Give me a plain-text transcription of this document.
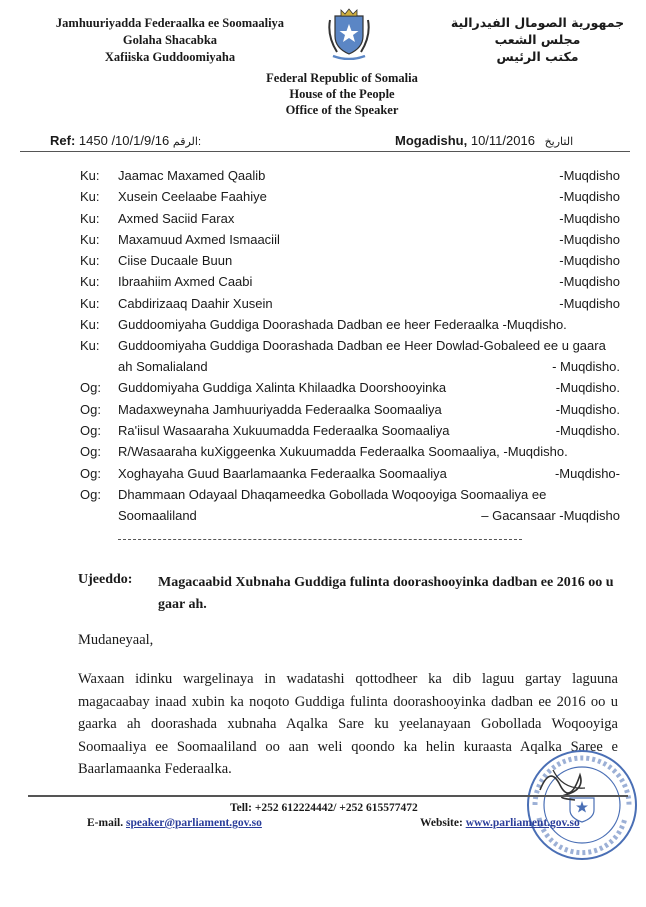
Jamhuuriyadda Federaalka ee Soomaaliya
Golaha Shacabka
Xafiiska Guddoomiyaha
جمهورية الصومال الفيدرالية
مجلس الشعب
مكتب الرئيس
Federal Republic of Somalia
House of the People
Office of the Speaker
Ref: 1450 /10/1/9/16 الرقم:	Mogadishu, 10/11/2016 التاريخ
Ku: Jaamac Maxamed Qaalib	-Muqdisho
Ku: Xusein Ceelaabe Faahiye	-Muqdisho
Ku: Axmed Saciid Farax	-Muqdisho
Ku: Maxamuud Axmed Ismaaciil	-Muqdisho
Ku: Ciise Ducaale Buun	-Muqdisho
Ku: Ibraahiim Axmed Caabi	-Muqdisho
Ku: Cabdirizaaq Daahir Xusein	-Muqdisho
Ku: Guddoomiyaha Guddiga Doorashada Dadban ee heer Federaalka -Muqdisho.
Ku: Guddoomiyaha Guddiga Doorashada Dadban ee Heer Dowlad-Gobaleed ee u gaara ah Somalialand	- Muqdisho.
Og: Guddomiyaha Guddiga Xalinta Khilaadka Doorshooyinka	-Muqdisho.
Og: Madaxweynaha Jamhuuriyadda Federaalka Soomaaliya	-Muqdisho.
Og: Ra'iisul Wasaaraha Xukuumadda Federaalka Soomaaliya	-Muqdisho.
Og: R/Wasaaraha kuXiggeenka Xukuumadda Federaalka Soomaaliya, -Muqdisho.
Og: Xoghayaha Guud Baarlamaanka Federaalka Soomaaliya	-Muqdisho-
Og: Dhammaan Odayaal Dhaqameedka Gobollada Woqooyiga Soomaaliya ee Soomaaliland	– Gacansaar -Muqdisho
Ujeeddo: Magacaabid Xubnaha Guddiga fulinta doorashooyinka dadban ee 2016 oo u gaar ah.
Mudaneyaal,
Waxaan idinku wargelinaya in wadatashi qottodheer ka dib laguu gartay laguuna magacaabay inaad xubin ka noqoto Guddiga fulinta doorashooyinka dadban ee 2016 oo u gaarka ah doorashada xubnaha Aqalka Sare ku yeelanayaan Gobollada Woqooyiga Soomaaliya ee Soomaaliland oo aan weli qoondo ka helin kuraasta Aqalka Saree e Baarlamaanka Federaalka.
Tell: +252 612224442/ +252 615577472
E-mail. speaker@parliament.gov.so	Website: www.parliament.gov.so
